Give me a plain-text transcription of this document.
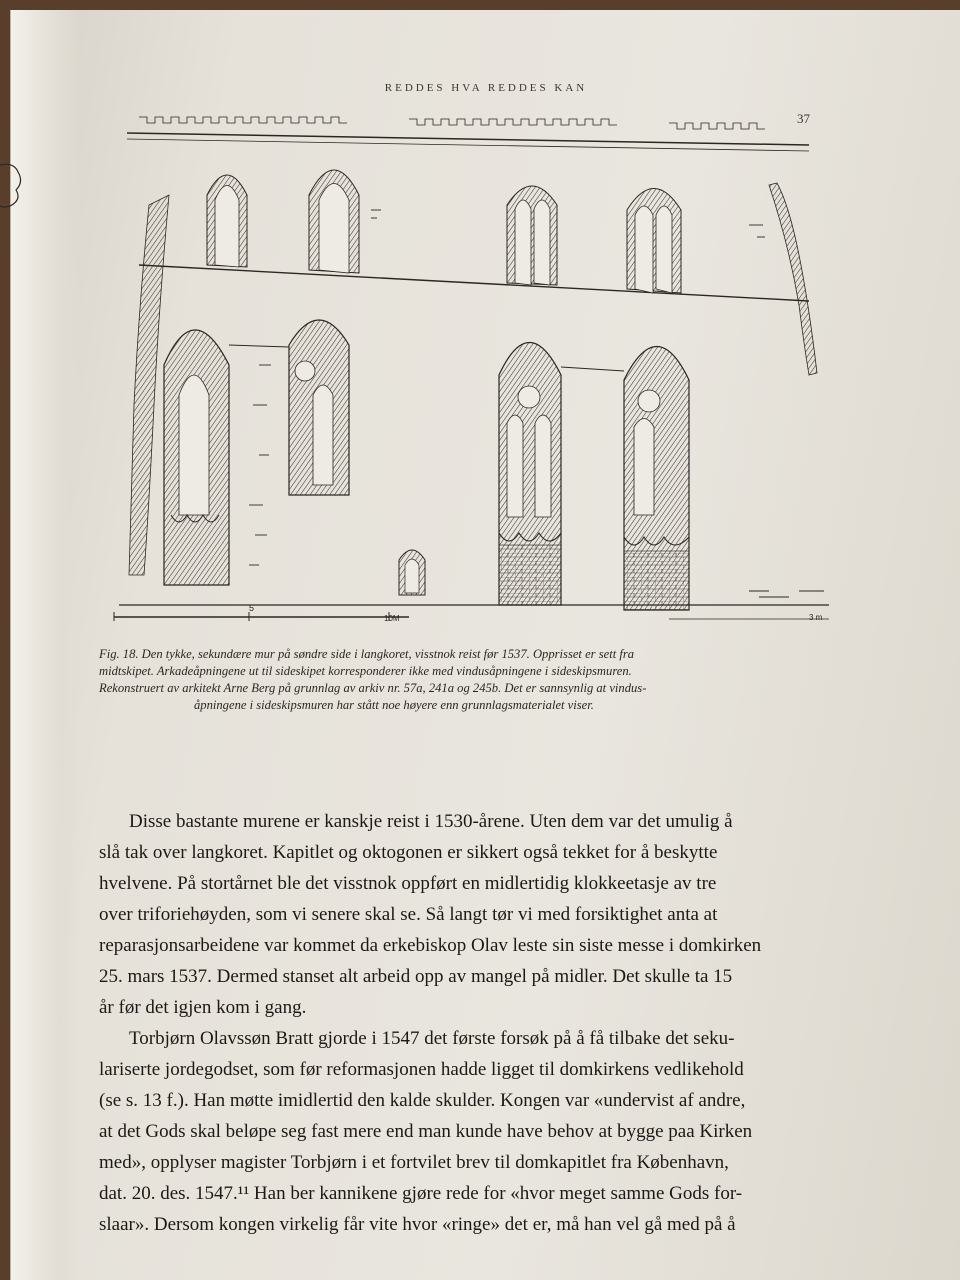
REDDES HVA REDDES KAN
37
5
10M	3 m
Fig. 18. Den tykke, sekundære mur på søndre side i langkoret, visstnok reist før 1537. Opprisset er sett fra
midtskipet. Arkadeåpningene ut til sideskipet korresponderer ikke med vindusåpningene i sideskipsmuren.
Rekonstruert av arkitekt Arne Berg på grunnlag av arkiv nr. 57a, 241a og 245b. Det er sannsynlig at vindus-
åpningene i sideskipsmuren har stått noe høyere enn grunnlagsmaterialet viser.

Disse bastante murene er kanskje reist i 1530-årene. Uten dem var det umulig å
slå tak over langkoret. Kapitlet og oktogonen er sikkert også tekket for å beskytte
hvelvene. På stortårnet ble det visstnok oppført en midlertidig klokkeetasje av tre
over triforiehøyden, som vi senere skal se. Så langt tør vi med forsiktighet anta at
reparasjonsarbeidene var kommet da erkebiskop Olav leste sin siste messe i domkirken
25. mars 1537. Dermed stanset alt arbeid opp av mangel på midler. Det skulle ta 15
år før det igjen kom i gang.

Torbjørn Olavssøn Bratt gjorde i 1547 det første forsøk på å få tilbake det seku-
lariserte jordegodset, som før reformasjonen hadde ligget til domkirkens vedlikehold
(se s. 13 f.). Han møtte imidlertid den kalde skulder. Kongen var «undervist af andre,
at det Gods skal beløpe seg fast mere end man kunde have behov at bygge paa Kirken
med», opplyser magister Torbjørn i et fortvilet brev til domkapitlet fra København,
dat. 20. des. 1547.¹¹ Han ber kannikene gjøre rede for «hvor meget samme Gods for-
slaar». Dersom kongen virkelig får vite hvor «ringe» det er, må han vel gå med på å
